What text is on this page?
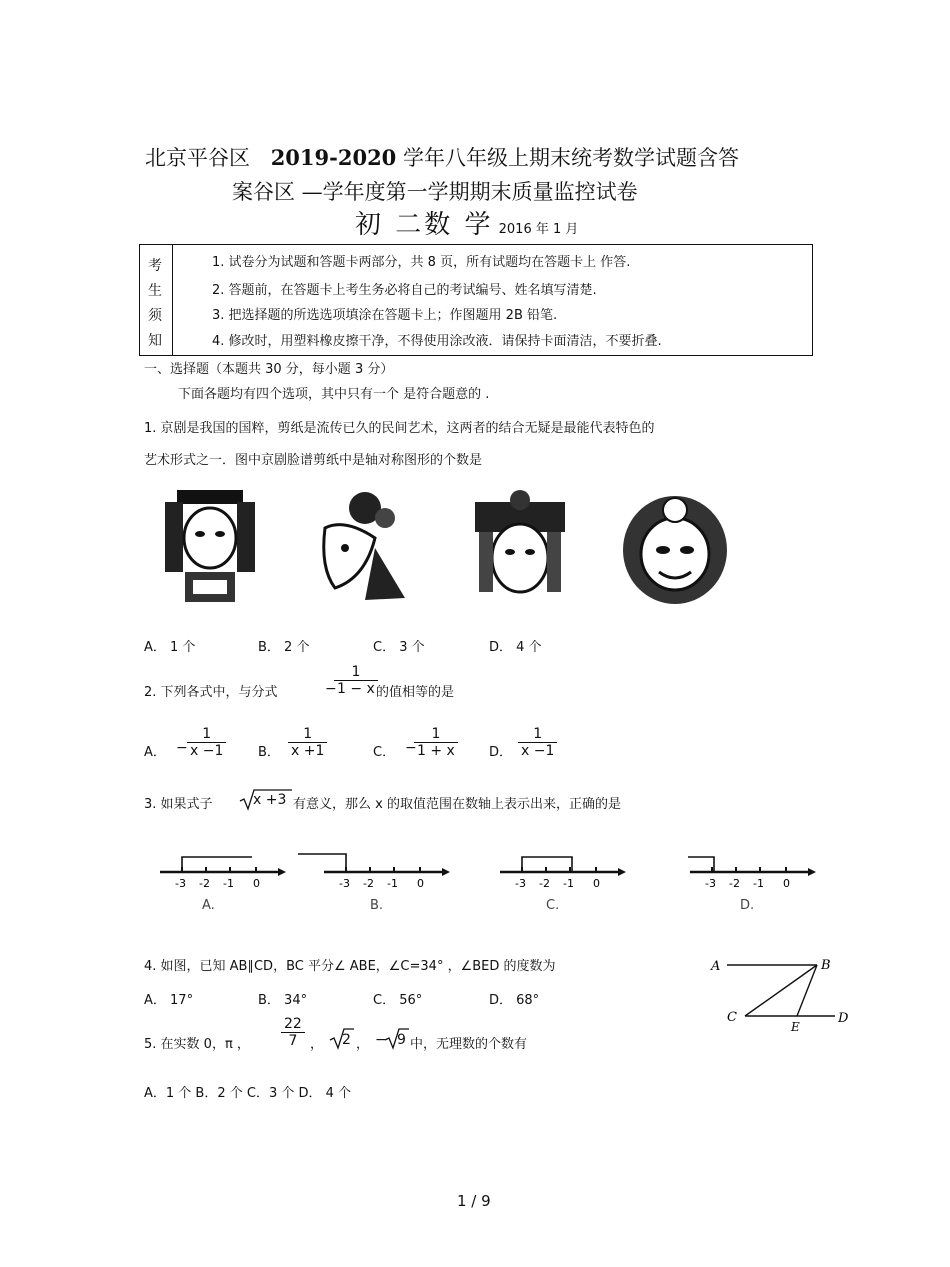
北京平谷区 2019-2020 学年八年级上期末统考数学试题含答
案谷区 —学年度第一学期期末质量监控试卷
初 二数 学 2016 年 1 月
考
生
须
知
1. 试卷分为试题和答题卡两部分，共 8 页，所有试题均在答题卡上 作答.
2. 答题前，在答题卡上考生务必将自己的考试编号、姓名填写清楚.
3. 把选择题的所选选项填涂在答题卡上；作图题用 2B 铅笔.
4. 修改时，用塑料橡皮擦干净，不得使用涂改液．请保持卡面清洁，不要折叠.
一、选择题（本题共 30 分，每小题 3 分）
下面各题均有四个选项，其中只有一个 是符合题意的 .
1. 京剧是我国的国粹，剪纸是流传已久的民间艺术，这两者的结合无疑是最能代表特色的
艺术形式之一．图中京剧脸谱剪纸中是轴对称图形的个数是
A． 1 个	B． 2 个	C． 3 个	D． 4 个
2. 下列各式中，与分式	−
$\frac{1}{1 - x}$
的值相等的是
A． − $\frac{1}{x -1}$ B． $\frac{1}{x +1}$	C． −
$\frac{1}{1 + x}$ D． $\frac{1}{x -1}$
3. 如果式子	x +3 有意义，那么 x 的取值范围在数轴上表示出来，正确的是
-3 -2 -1 0
A.
-3 -2 -1 0
B.
-3 -2 -1 0
C.
-3 -2 -1 0
D.
4. 如图，已知 AB∥CD，BC 平分∠ ABE，∠C=34° ，∠BED 的度数为
A． 17°	B． 34°	C． 56°	D． 68°
A	B
C	D
E
5. 在实数 0，π ， $\frac{22}{7}$ ， 2 ， − 9 中，无理数的个数有
A．1 个 B．2 个 C．3 个 D． 4 个
1 / 9
